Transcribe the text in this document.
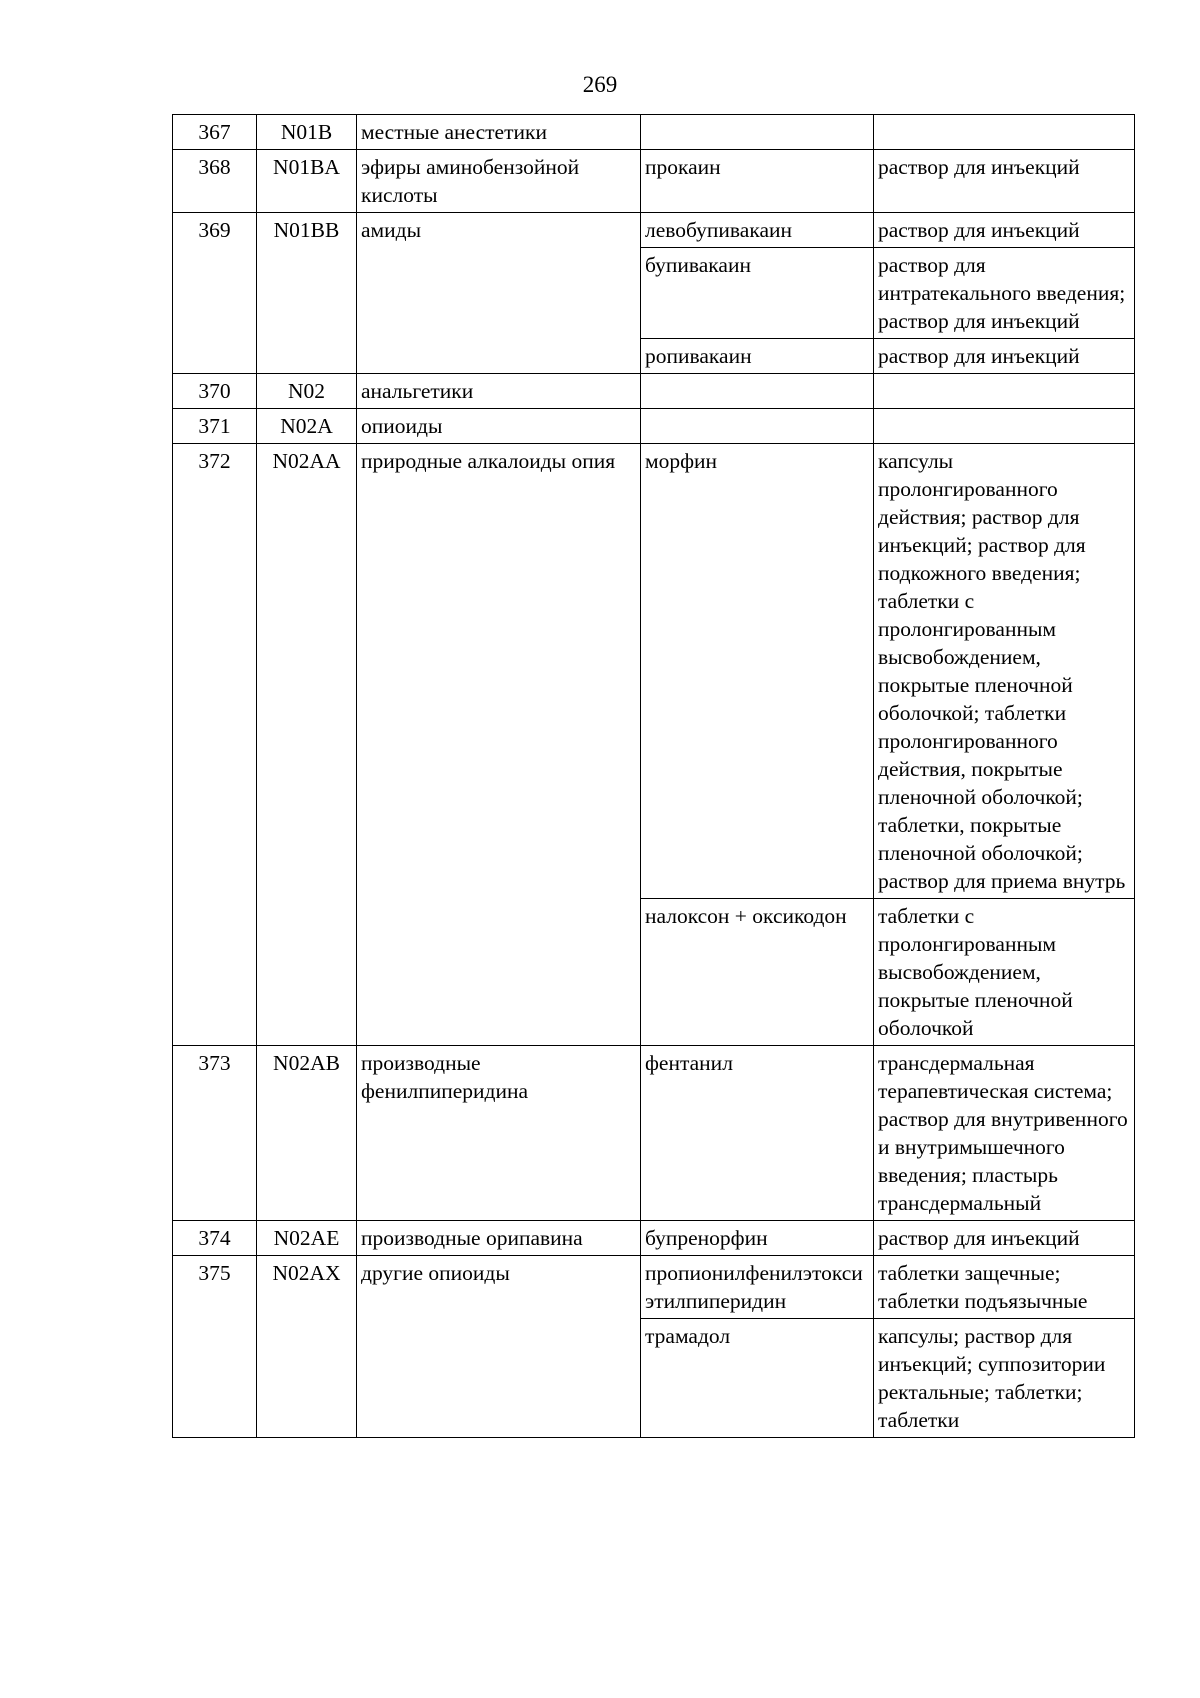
269
367	N01B	местные анестетики		
368	N01BA	эфиры аминобензойной кислоты	прокаин	раствор для инъекций
369	N01BB	амиды	левобупивакаин	раствор для инъекций
			бупивакаин	раствор для интратекального введения; раствор для инъекций
			ропивакаин	раствор для инъекций
370	N02	анальгетики		
371	N02A	опиоиды		
372	N02AA	природные алкалоиды опия	морфин	капсулы пролонгированного действия; раствор для инъекций; раствор для подкожного введения; таблетки с пролонгированным высвобождением, покрытые пленочной оболочкой; таблетки пролонгированного действия, покрытые пленочной оболочкой; таблетки, покрытые пленочной оболочкой; раствор для приема внутрь
			налоксон + оксикодон	таблетки с пролонгированным высвобождением, покрытые пленочной оболочкой
373	N02AB	производные фенилпиперидина	фентанил	трансдермальная терапевтическая система; раствор для внутривенного и внутримышечного введения; пластырь трансдермальный
374	N02AE	производные орипавина	бупренорфин	раствор для инъекций
375	N02AX	другие опиоиды	пропионилфенилэтоксиэтилпиперидин	таблетки защечные; таблетки подъязычные
			трамадол	капсулы; раствор для инъекций; суппозитории ректальные; таблетки; таблетки
